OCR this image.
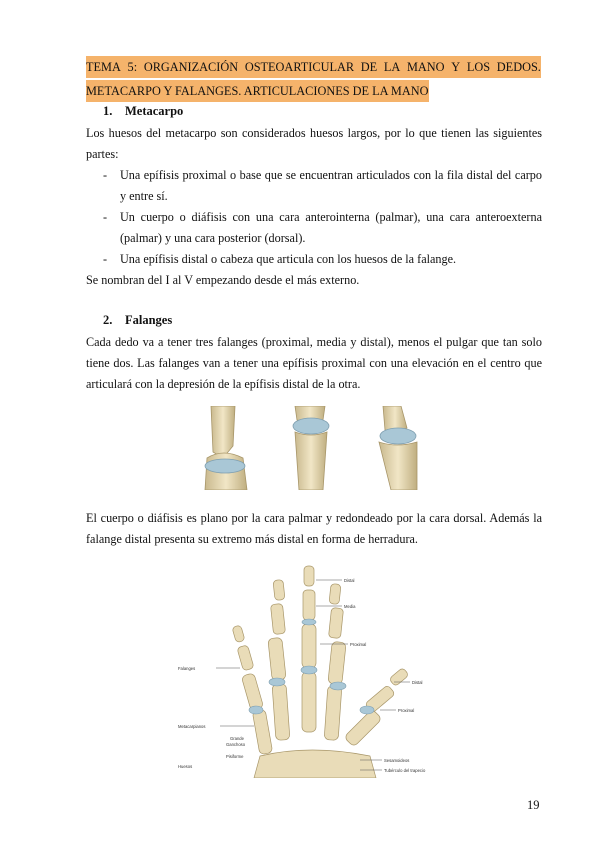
TEMA 5: ORGANIZACIÓN OSTEOARTICULAR DE LA MANO Y LOS DEDOS.
METACARPO Y FALANGES. ARTICULACIONES DE LA MANO
1. Metacarpo
Los huesos del metacarpo son considerados huesos largos, por lo que tienen las siguientes partes:
- Una epífisis proximal o base que se encuentran articulados con la fila distal del carpo y entre sí.
- Un cuerpo o diáfisis con una cara anterointerna (palmar), una cara anteroexterna (palmar) y una cara posterior (dorsal).
- Una epífisis distal o cabeza que articula con los huesos de la falange.
Se nombran del I al V empezando desde el más externo.
2. Falanges
Cada dedo va a tener tres falanges (proximal, media y distal), menos el pulgar que tan solo tiene dos. Las falanges van a tener una epífisis proximal con una elevación en el centro que articulará con la depresión de la epífisis distal de la otra.
El cuerpo o diáfisis es plano por la cara palmar y redondeado por la cara dorsal. Además la falange distal presenta su extremo más distal en forma de herradura.
Distal
Media
Proximal
Distal
Proximal
Falanges
Metacarpianos
Grande
Ganchoso
Pisiforme
Huesos
Sesamoideos
Tubérculo del trapecio
19
